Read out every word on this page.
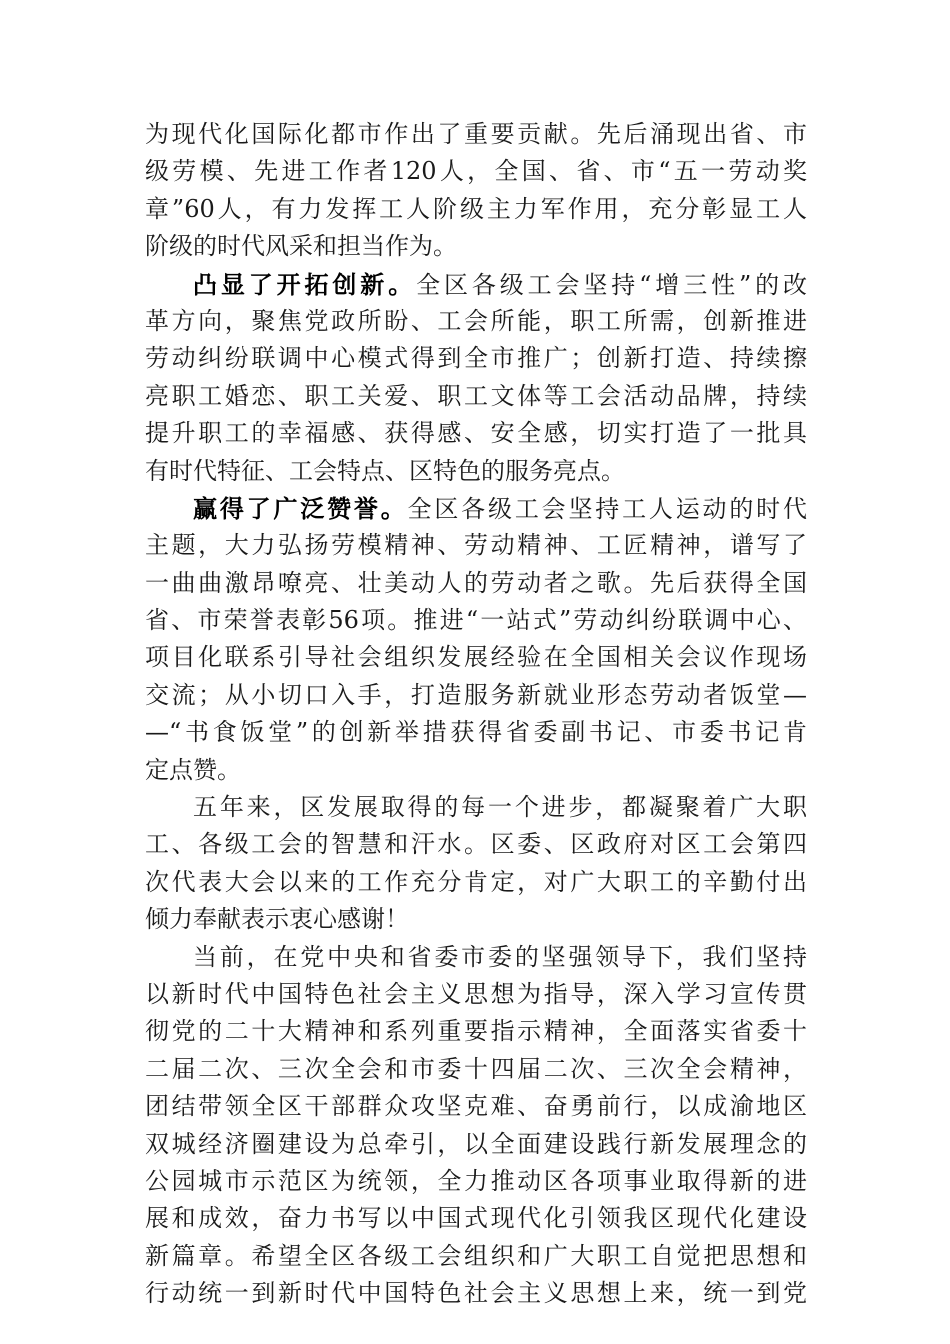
为现代化国际化都市作出了重要贡献。先后涌现出省、市
级劳模、先进工作者120人，全国、省、市“五一劳动奖
章”60人，有力发挥工人阶级主力军作用，充分彰显工人
阶级的时代风采和担当作为。
凸显了开拓创新。全区各级工会坚持“增三性”的改
革方向，聚焦党政所盼、工会所能，职工所需，创新推进
劳动纠纷联调中心模式得到全市推广；创新打造、持续擦
亮职工婚恋、职工关爱、职工文体等工会活动品牌，持续
提升职工的幸福感、获得感、安全感，切实打造了一批具
有时代特征、工会特点、区特色的服务亮点。
赢得了广泛赞誉。全区各级工会坚持工人运动的时代
主题，大力弘扬劳模精神、劳动精神、工匠精神，谱写了
一曲曲激昂嘹亮、壮美动人的劳动者之歌。先后获得全国
省、市荣誉表彰56项。推进“一站式”劳动纠纷联调中心、
项目化联系引导社会组织发展经验在全国相关会议作现场
交流；从小切口入手，打造服务新就业形态劳动者饭堂—
—“书食饭堂”的创新举措获得省委副书记、市委书记肯
定点赞。
五年来，区发展取得的每一个进步，都凝聚着广大职
工、各级工会的智慧和汗水。区委、区政府对区工会第四
次代表大会以来的工作充分肯定，对广大职工的辛勤付出
倾力奉献表示衷心感谢！
当前，在党中央和省委市委的坚强领导下，我们坚持
以新时代中国特色社会主义思想为指导，深入学习宣传贯
彻党的二十大精神和系列重要指示精神，全面落实省委十
二届二次、三次全会和市委十四届二次、三次全会精神，
团结带领全区干部群众攻坚克难、奋勇前行，以成渝地区
双城经济圈建设为总牵引，以全面建设践行新发展理念的
公园城市示范区为统领，全力推动区各项事业取得新的进
展和成效，奋力书写以中国式现代化引领我区现代化建设
新篇章。希望全区各级工会组织和广大职工自觉把思想和
行动统一到新时代中国特色社会主义思想上来，统一到党
